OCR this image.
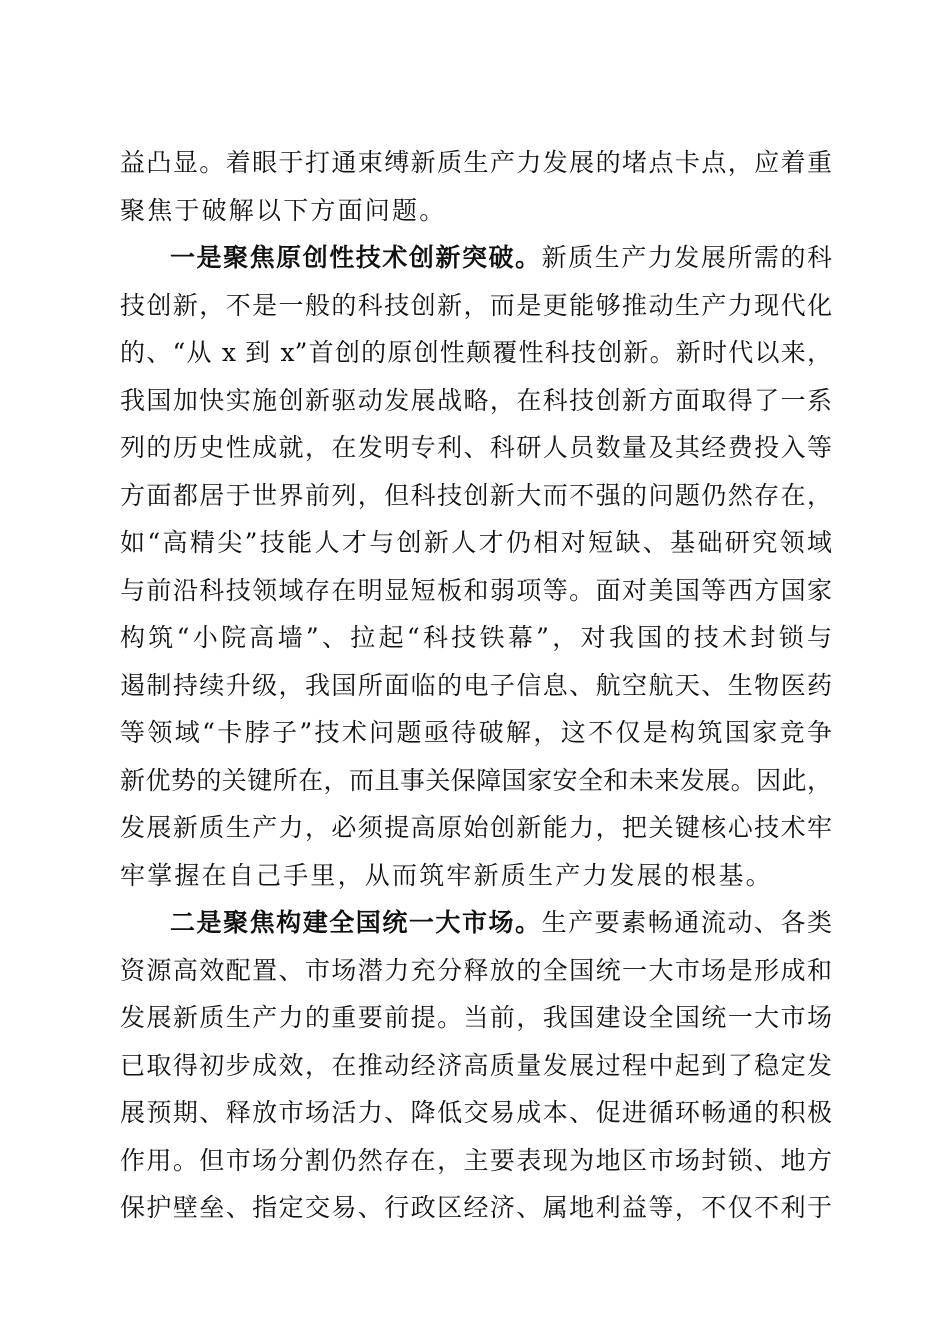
益凸显。着眼于打通束缚新质生产力发展的堵点卡点，应着重
聚焦于破解以下方面问题。
一是聚焦原创性技术创新突破。新质生产力发展所需的科
技创新，不是一般的科技创新，而是更能够推动生产力现代化
的、“从 x 到 x”首创的原创性颠覆性科技创新。新时代以来，
我国加快实施创新驱动发展战略，在科技创新方面取得了一系
列的历史性成就，在发明专利、科研人员数量及其经费投入等
方面都居于世界前列，但科技创新大而不强的问题仍然存在，
如“高精尖”技能人才与创新人才仍相对短缺、基础研究领域
与前沿科技领域存在明显短板和弱项等。面对美国等西方国家
构筑“小院高墙”、拉起“科技铁幕”，对我国的技术封锁与
遏制持续升级，我国所面临的电子信息、航空航天、生物医药
等领域“卡脖子”技术问题亟待破解，这不仅是构筑国家竞争
新优势的关键所在，而且事关保障国家安全和未来发展。因此，
发展新质生产力，必须提高原始创新能力，把关键核心技术牢
牢掌握在自己手里，从而筑牢新质生产力发展的根基。
二是聚焦构建全国统一大市场。生产要素畅通流动、各类
资源高效配置、市场潜力充分释放的全国统一大市场是形成和
发展新质生产力的重要前提。当前，我国建设全国统一大市场
已取得初步成效，在推动经济高质量发展过程中起到了稳定发
展预期、释放市场活力、降低交易成本、促进循环畅通的积极
作用。但市场分割仍然存在，主要表现为地区市场封锁、地方
保护壁垒、指定交易、行政区经济、属地利益等，不仅不利于
